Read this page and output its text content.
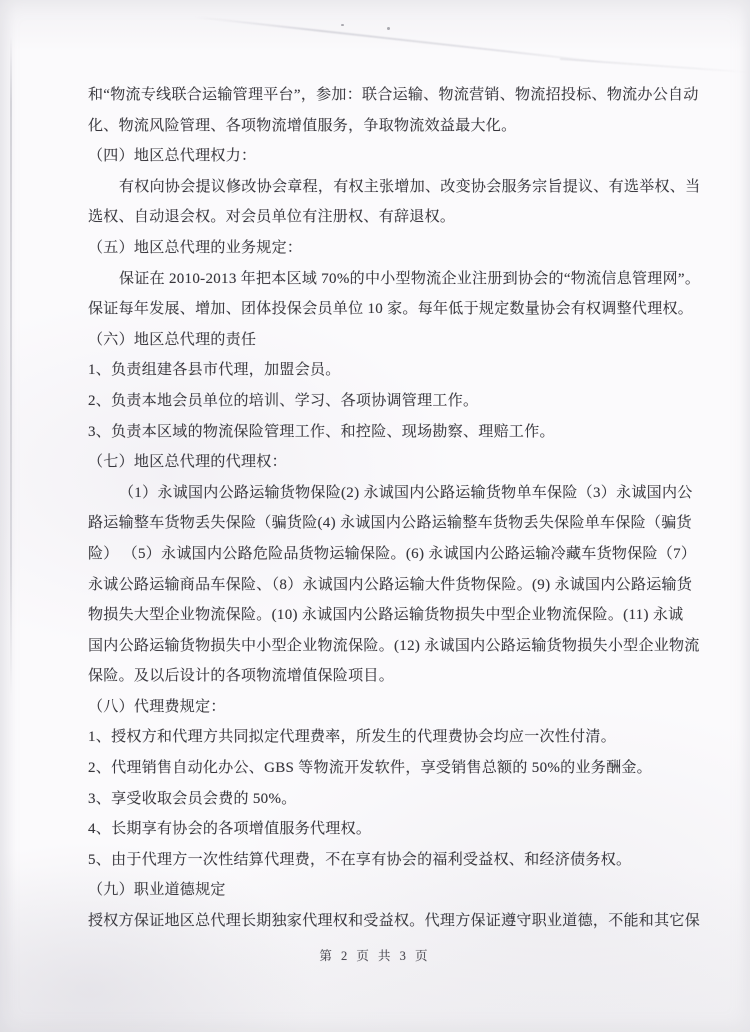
和“物流专线联合运输管理平台”，参加：联合运输、物流营销、物流招投标、物流办公自动
化、物流风险管理、各项物流增值服务，争取物流效益最大化。
（四）地区总代理权力：
有权向协会提议修改协会章程，有权主张增加、改变协会服务宗旨提议、有选举权、当
选权、自动退会权。对会员单位有注册权、有辞退权。
（五）地区总代理的业务规定：
保证在 2010-2013 年把本区域 70%的中小型物流企业注册到协会的“物流信息管理网”。
保证每年发展、增加、团体投保会员单位 10 家。每年低于规定数量协会有权调整代理权。
（六）地区总代理的责任
1、负责组建各县市代理，加盟会员。
2、负责本地会员单位的培训、学习、各项协调管理工作。
3、负责本区域的物流保险管理工作、和控险、现场勘察、理赔工作。
（七）地区总代理的代理权：
（1）永诚国内公路运输货物保险(2) 永诚国内公路运输货物单车保险（3）永诚国内公
路运输整车货物丢失保险（骗货险(4) 永诚国内公路运输整车货物丢失保险单车保险（骗货
险） （5）永诚国内公路危险品货物运输保险。(6) 永诚国内公路运输冷藏车货物保险（7）
永诚公路运输商品车保险、（8）永诚国内公路运输大件货物保险。(9) 永诚国内公路运输货
物损失大型企业物流保险。(10) 永诚国内公路运输货物损失中型企业物流保险。(11) 永诚
国内公路运输货物损失中小型企业物流保险。(12) 永诚国内公路运输货物损失小型企业物流
保险。及以后设计的各项物流增值保险项目。
（八）代理费规定：
1、授权方和代理方共同拟定代理费率，所发生的代理费协会均应一次性付清。
2、代理销售自动化办公、GBS 等物流开发软件，享受销售总额的 50%的业务酬金。
3、享受收取会员会费的 50%。
4、长期享有协会的各项增值服务代理权。
5、由于代理方一次性结算代理费，不在享有协会的福利受益权、和经济债务权。
（九）职业道德规定
授权方保证地区总代理长期独家代理权和受益权。代理方保证遵守职业道德，不能和其它保
第 2 页 共 3 页
